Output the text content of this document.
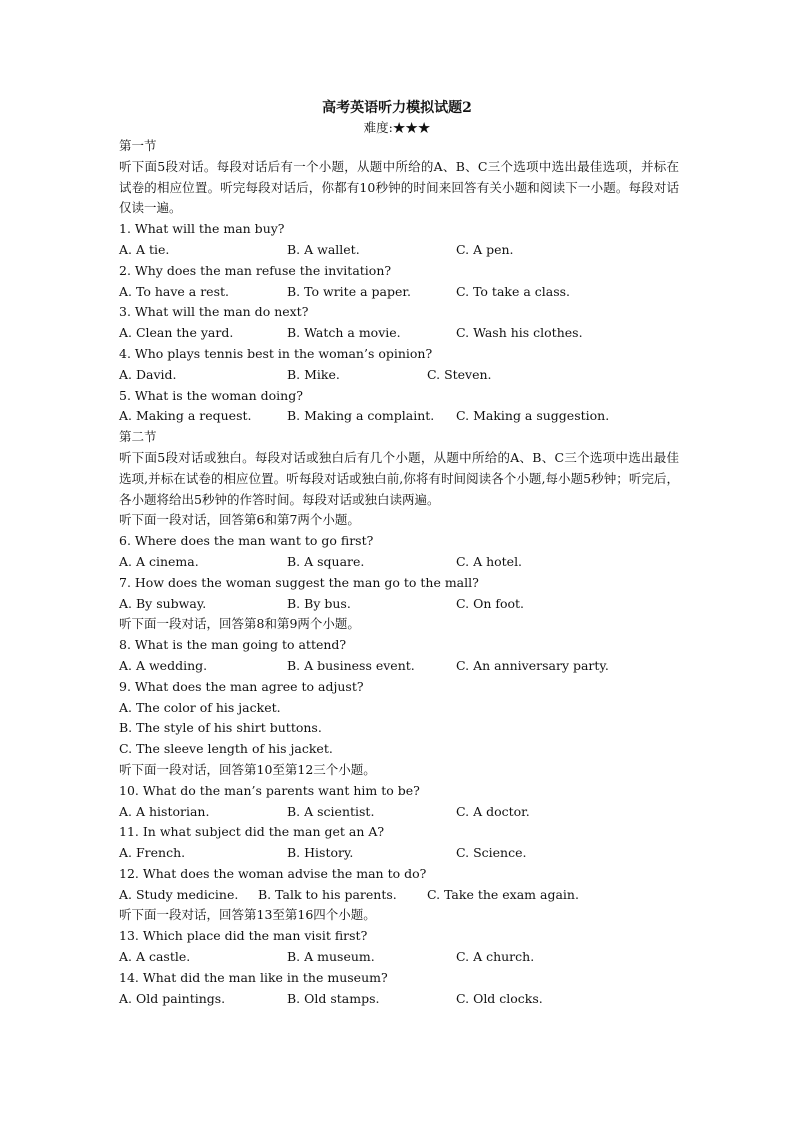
高考英语听力模拟试题2
难度:★★★
第一节
听下面5段对话。每段对话后有一个小题，从题中所给的A、B、C三个选项中选出最佳选项，并标在试卷的相应位置。听完每段对话后，你都有10秒钟的时间来回答有关小题和阅读下一小题。每段对话仅读一遍。
1. What will the man buy?
A. A tie.	B. A wallet.	C. A pen.
2. Why does the man refuse the invitation?
A. To have a rest.	B. To write a paper.	C. To take a class.
3. What will the man do next?
A. Clean the yard.	B. Watch a movie.	C. Wash his clothes.
4. Who plays tennis best in the woman’s opinion?
A. David.	B. Mike.	C. Steven.
5. What is the woman doing?
A. Making a request.	B. Making a complaint. C. Making a suggestion.
第二节
听下面5段对话或独白。每段对话或独白后有几个小题，从题中所给的A、B、C三个选项中选出最佳选项,并标在试卷的相应位置。听每段对话或独白前,你将有时间阅读各个小题,每小题5秒钟；听完后，各小题将给出5秒钟的作答时间。每段对话或独白读两遍。
听下面一段对话，回答第6和第7两个小题。
6. Where does the man want to go first?
A. A cinema.	B. A square.	C. A hotel.
7. How does the woman suggest the man go to the mall?
A. By subway.	B. By bus.	C. On foot.
听下面一段对话，回答第8和第9两个小题。
8. What is the man going to attend?
A. A wedding.	B. A business event.	C. An anniversary party.
9. What does the man agree to adjust?
A. The color of his jacket.
B. The style of his shirt buttons.
C. The sleeve length of his jacket.
听下面一段对话，回答第10至第12三个小题。
10. What do the man’s parents want him to be?
A. A historian.	B. A scientist.	C. A doctor.
11. In what subject did the man get an A?
A. French.	B. History.	C. Science.
12. What does the woman advise the man to do?
A. Study medicine. B. Talk to his parents. C. Take the exam again.
听下面一段对话，回答第13至第16四个小题。
13. Which place did the man visit first?
A. A castle.	B. A museum.	C. A church.
14. What did the man like in the museum?
A. Old paintings.	B. Old stamps.	C. Old clocks.
